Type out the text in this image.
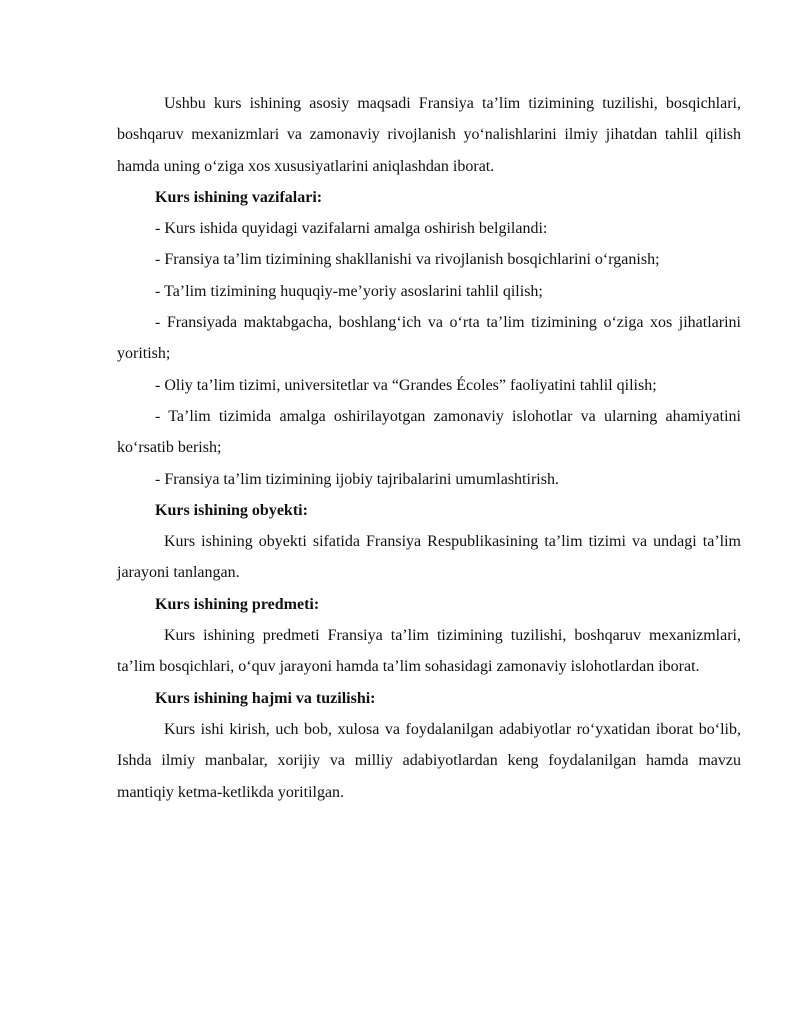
Ushbu kurs ishining asosiy maqsadi Fransiya ta’lim tizimining tuzilishi, bosqichlari, boshqaruv mexanizmlari va zamonaviy rivojlanish yo‘nalishlarini ilmiy jihatdan tahlil qilish hamda uning o‘ziga xos xususiyatlarini aniqlashdan iborat.

Kurs ishining vazifalari:

- Kurs ishida quyidagi vazifalarni amalga oshirish belgilandi:

- Fransiya ta’lim tizimining shakllanishi va rivojlanish bosqichlarini o‘rganish;

- Ta’lim tizimining huquqiy-me’yoriy asoslarini tahlil qilish;

- Fransiyada maktabgacha, boshlang‘ich va o‘rta ta’lim tizimining o‘ziga xos jihatlarini yoritish;

- Oliy ta’lim tizimi, universitetlar va “Grandes Écoles” faoliyatini tahlil qilish;

- Ta’lim tizimida amalga oshirilayotgan zamonaviy islohotlar va ularning ahamiyatini ko‘rsatib berish;

- Fransiya ta’lim tizimining ijobiy tajribalarini umumlashtirish.

Kurs ishining obyekti:

Kurs ishining obyekti sifatida Fransiya Respublikasining ta’lim tizimi va undagi ta’lim jarayoni tanlangan.

Kurs ishining predmeti:

Kurs ishining predmeti Fransiya ta’lim tizimining tuzilishi, boshqaruv mexanizmlari, ta’lim bosqichlari, o‘quv jarayoni hamda ta’lim sohasidagi zamonaviy islohotlardan iborat.

Kurs ishining hajmi va tuzilishi:

Kurs ishi kirish, uch bob, xulosa va foydalanilgan adabiyotlar ro‘yxatidan iborat bo‘lib, Ishda ilmiy manbalar, xorijiy va milliy adabiyotlardan keng foydalanilgan hamda mavzu mantiqiy ketma-ketlikda yoritilgan.
